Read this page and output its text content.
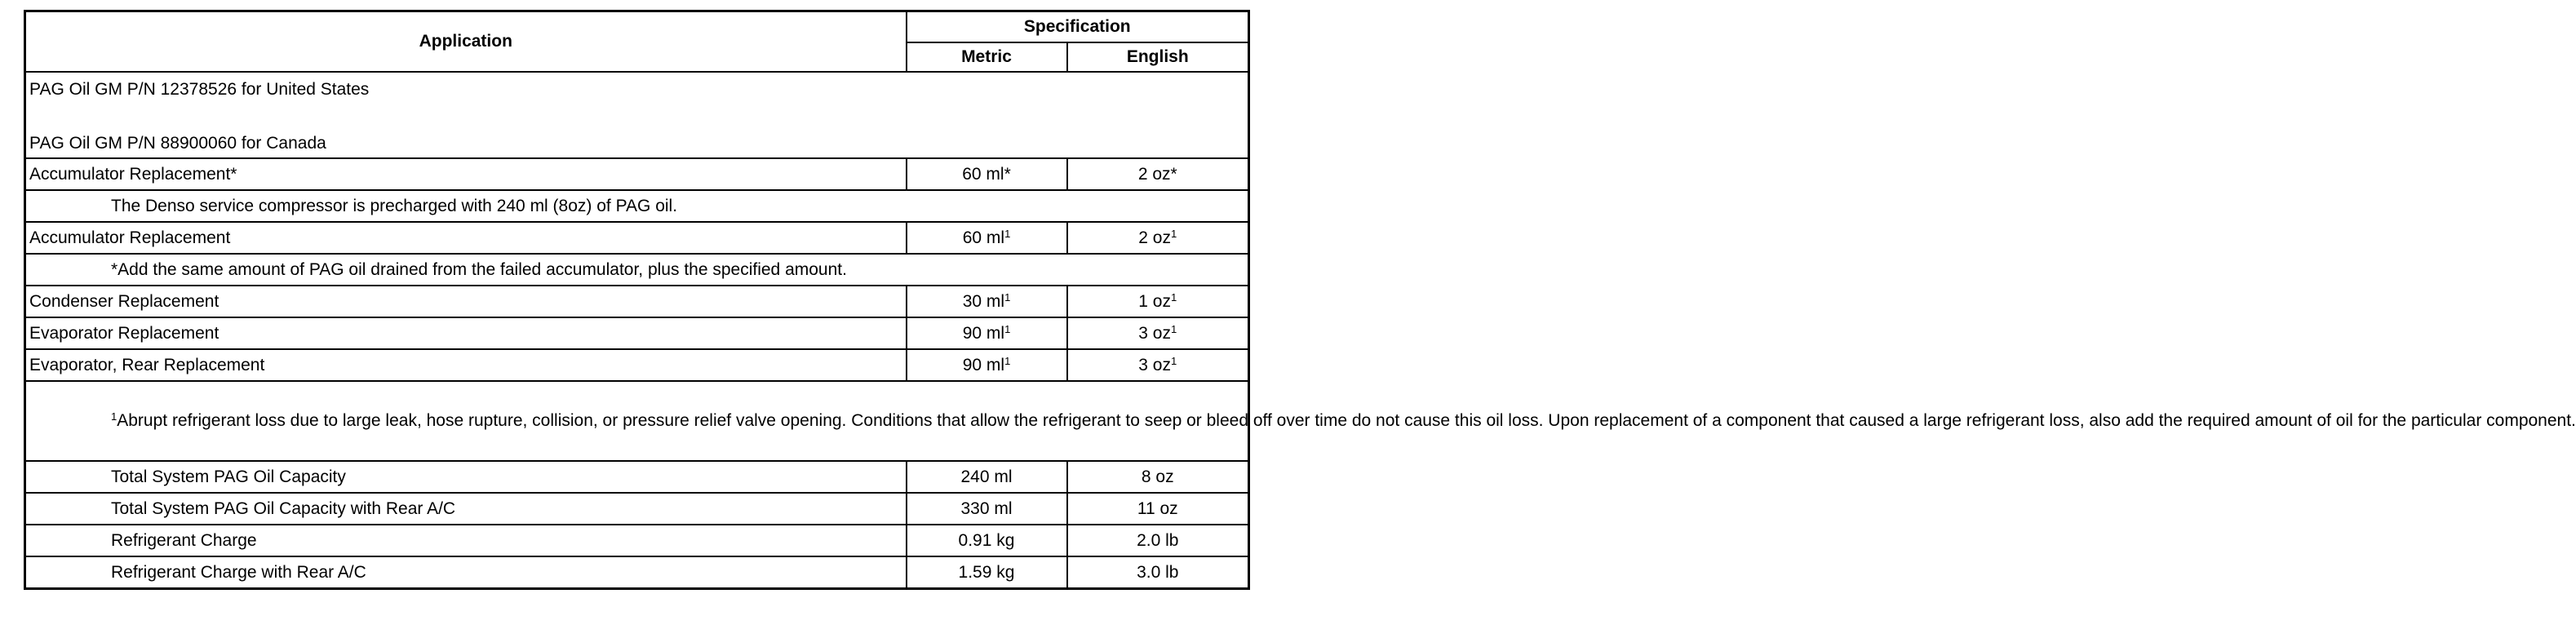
Application	Specification	
	Metric	English

PAG Oil GM P/N 12378526 for United States
PAG Oil GM P/N 88900060 for Canada		

Accumulator Replacement*	60 ml*	2 oz*
The Denso service compressor is precharged with 240 ml (8oz) of PAG oil.		
Accumulator Replacement	60 $ml^1$	2 $oz^1$
*Add the same amount of PAG oil drained from the failed accumulator, plus the specified amount.		
Condenser Replacement	30 $ml^1$	1 $oz^1$
Evaporator Replacement	90 $ml^1$	3 $oz^1$
Evaporator, Rear Replacement	90 $ml^1$	3 $oz^1$
$^1$Abrupt refrigerant loss due to large leak, hose rupture, collision, or pressure relief valve opening. Conditions that allow the refrigerant to seep or bleed off over time do not cause this oil loss. Upon replacement of a component that caused a large refrigerant loss, also add the required amount of oil for the particular component.		
Total System PAG Oil Capacity	240 ml	8 oz
Total System PAG Oil Capacity with Rear A/C	330 ml	11 oz
Refrigerant Charge	0.91 kg	2.0 lb
Refrigerant Charge with Rear A/C	1.59 kg	3.0 lb
